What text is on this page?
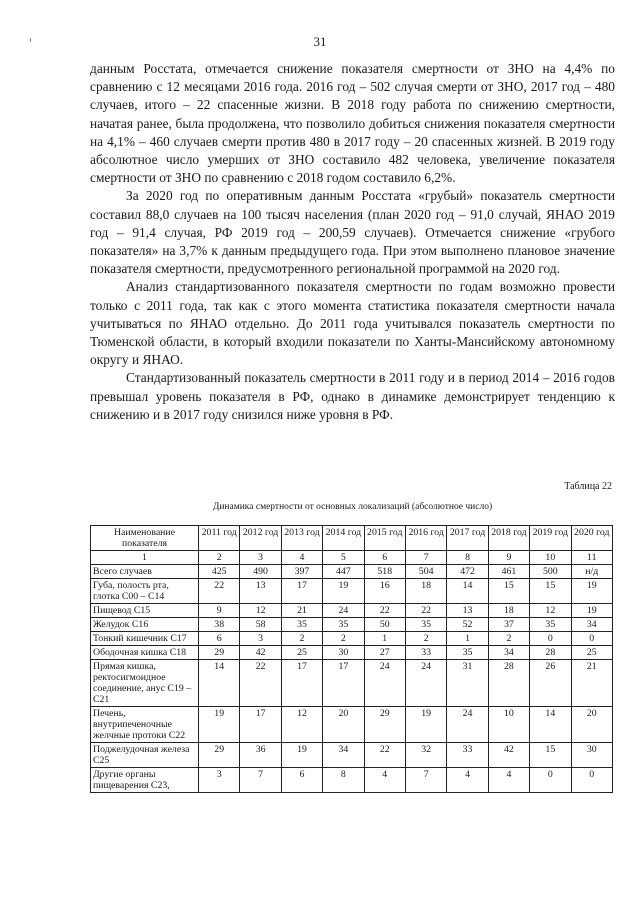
31

данным Росстата, отмечается снижение показателя смертности от ЗНО на 4,4% по сравнению с 12 месяцами 2016 года. 2016 год – 502 случая смерти от ЗНО, 2017 год – 480 случаев, итого – 22 спасенные жизни. В 2018 году работа по снижению смертности, начатая ранее, была продолжена, что позволило добиться снижения показателя смертности на 4,1% – 460 случаев смерти против 480 в 2017 году – 20 спасенных жизней. В 2019 году абсолютное число умерших от ЗНО составило 482 человека, увеличение показателя смертности от ЗНО по сравнению с 2018 годом составило 6,2%.

За 2020 год по оперативным данным Росстата «грубый» показатель смертности составил 88,0 случаев на 100 тысяч населения (план 2020 год – 91,0 случай, ЯНАО 2019 год – 91,4 случая, РФ 2019 год – 200,59 случаев). Отмечается снижение «грубого показателя» на 3,7% к данным предыдущего года. При этом выполнено плановое значение показателя смертности, предусмотренного региональной программой на 2020 год.

Анализ стандартизованного показателя смертности по годам возможно провести только с 2011 года, так как с этого момента статистика показателя смертности начала учитываться по ЯНАО отдельно. До 2011 года учитывался показатель смертности по Тюменской области, в который входили показатели по Ханты-Мансийскому автономному округу и ЯНАО.

Стандартизованный показатель смертности в 2011 году и в период 2014 – 2016 годов превышал уровень показателя в РФ, однако в динамике демонстрирует тенденцию к снижению и в 2017 году снизился ниже уровня в РФ.

Таблица 22
Динамика смертности от основных локализаций (абсолютное число)
Наименование показателя	2011 год	2012 год	2013 год	2014 год	2015 год	2016 год	2017 год	2018 год	2019 год	2020 год
1	2	3	4	5	6	7	8	9	10	11
Всего случаев	425	490	397	447	518	504	472	461	500	н/д
Губа, полость рта, глотка С00 – С14	22	13	17	19	16	18	14	15	15	19
Пищевод С15	9	12	21	24	22	22	13	18	12	19
Желудок С16	38	58	35	35	50	35	52	37	35	34
Тонкий кишечник С17	6	3	2	2	1	2	1	2	0	0
Ободочная кишка С18	29	42	25	30	27	33	35	34	28	25
Прямая кишка, ректосигмоидное соединение, анус С19 – С21	14	22	17	17	24	24	31	28	26	21
Печень, внутрипеченочные желчные протоки С22	19	17	12	20	29	19	24	10	14	20
Поджелудочная железа С25	29	36	19	34	22	32	33	42	15	30
Другие органы пищеварения С23,	3	7	6	8	4	7	4	4	0	0
